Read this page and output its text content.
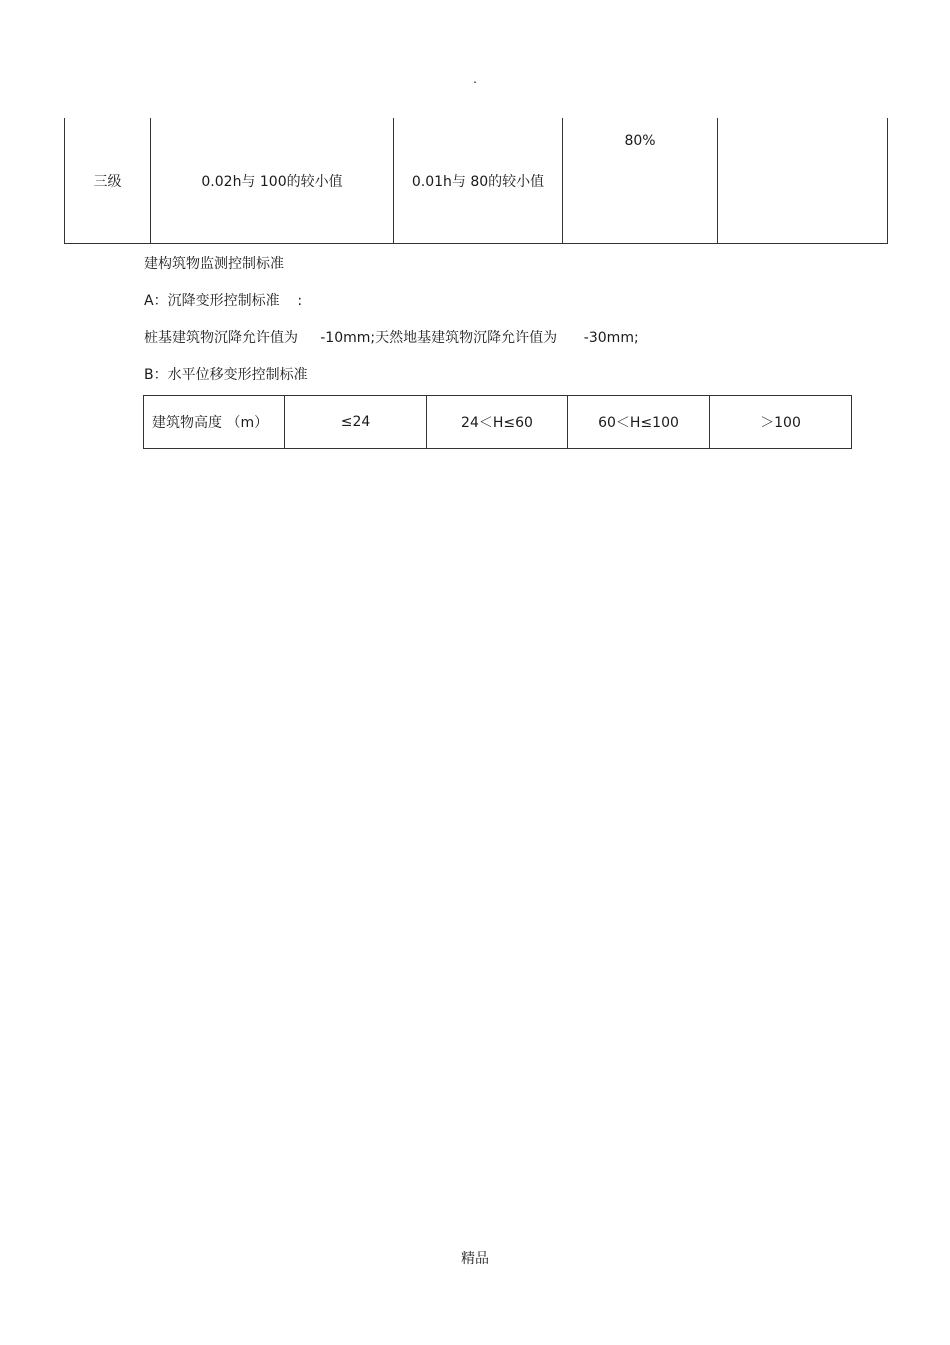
.
三级	0.02h与 100的较小值	0.01h与 80的较小值	80%	
建构筑物监测控制标准
A：沉降变形控制标准    :
桩基建筑物沉降允许值为     -10mm;天然地基建筑物沉降允许值为      -30mm;
B：水平位移变形控制标准
建筑物高度 （m）	≤24	24＜H≤60	60＜H≤100	＞100
精品
